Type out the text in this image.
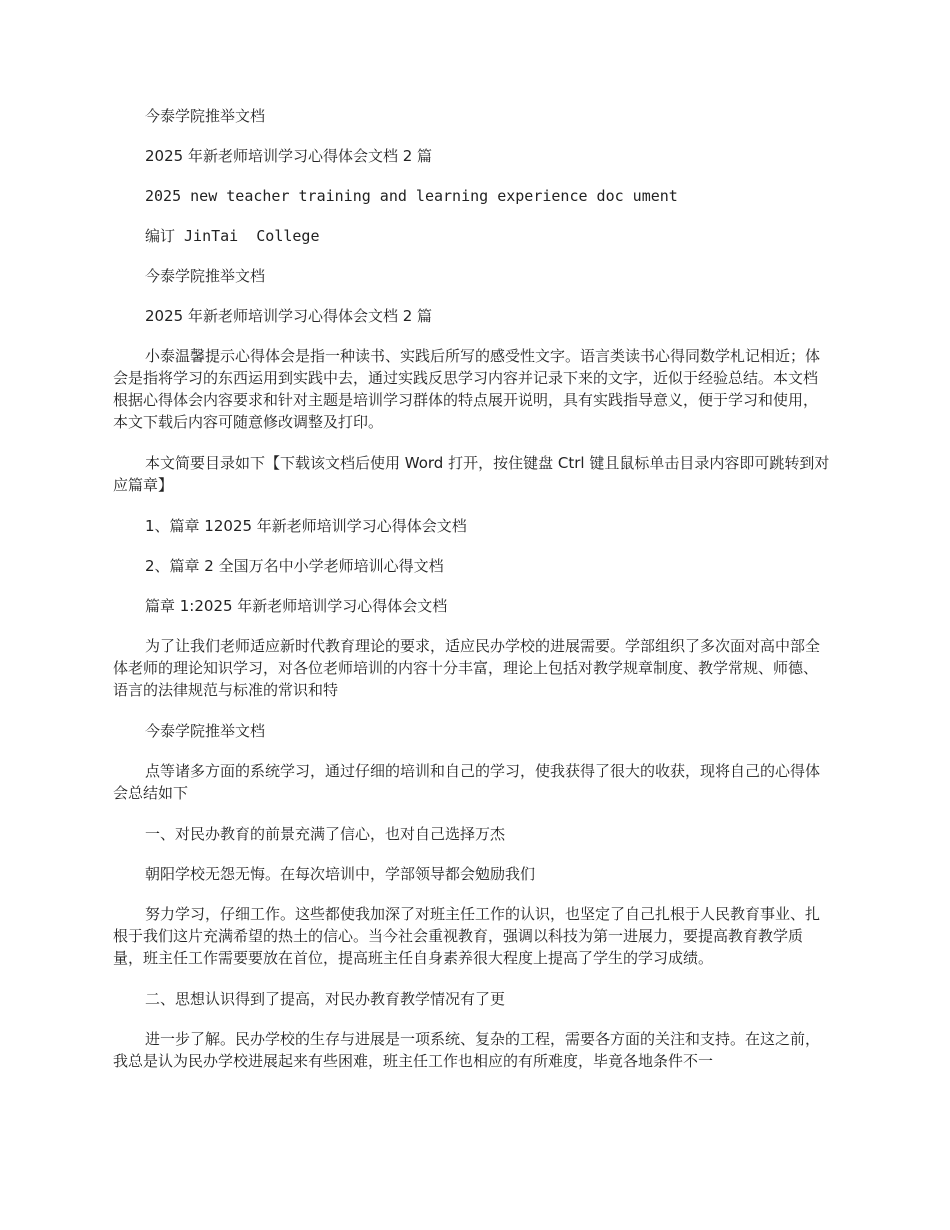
今泰学院推举文档

2025 年新老师培训学习心得体会文档 2 篇

2025 new teacher training and learning experience doc ument

编订 JinTai  College

今泰学院推举文档

2025 年新老师培训学习心得体会文档 2 篇

小泰温馨提示心得体会是指一种读书、实践后所写的感受性文字。语言类读书心得同数学札记相近；体会是指将学习的东西运用到实践中去，通过实践反思学习内容并记录下来的文字，近似于经验总结。本文档根据心得体会内容要求和针对主题是培训学习群体的特点展开说明，具有实践指导意义，便于学习和使用，本文下载后内容可随意修改调整及打印。

本文简要目录如下【下载该文档后使用 Word 打开，按住键盘 Ctrl 键且鼠标单击目录内容即可跳转到对应篇章】

1、篇章 12025 年新老师培训学习心得体会文档

2、篇章 2 全国万名中小学老师培训心得文档

篇章 1:2025 年新老师培训学习心得体会文档

为了让我们老师适应新时代教育理论的要求，适应民办学校的进展需要。学部组织了多次面对高中部全体老师的理论知识学习，对各位老师培训的内容十分丰富，理论上包括对教学规章制度、教学常规、师德、语言的法律规范与标准的常识和特

今泰学院推举文档

点等诸多方面的系统学习，通过仔细的培训和自己的学习，使我获得了很大的收获，现将自己的心得体会总结如下

一、对民办教育的前景充满了信心，也对自己选择万杰

朝阳学校无怨无悔。在每次培训中，学部领导都会勉励我们

努力学习，仔细工作。这些都使我加深了对班主任工作的认识，也坚定了自己扎根于人民教育事业、扎根于我们这片充满希望的热土的信心。当今社会重视教育，强调以科技为第一进展力，要提高教育教学质量，班主任工作需要要放在首位，提高班主任自身素养很大程度上提高了学生的学习成绩。

二、思想认识得到了提高，对民办教育教学情况有了更

进一步了解。民办学校的生存与进展是一项系统、复杂的工程，需要各方面的关注和支持。在这之前，我总是认为民办学校进展起来有些困难，班主任工作也相应的有所难度，毕竟各地条件不一
